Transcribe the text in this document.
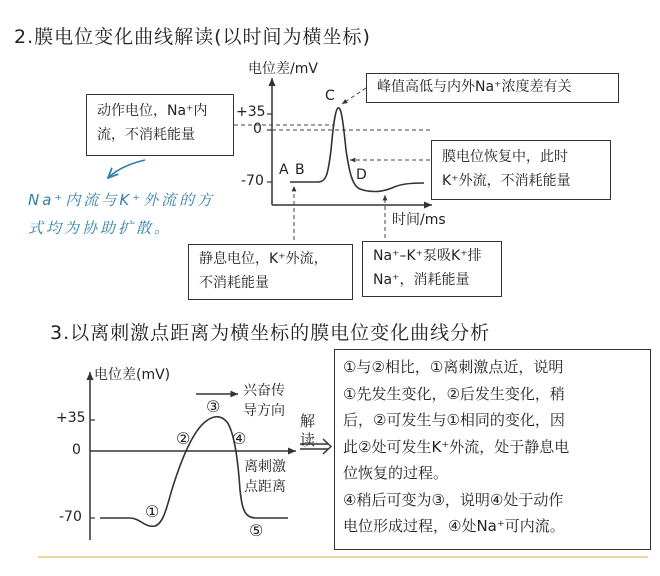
2.膜电位变化曲线解读(以时间为横坐标)
电位差/mV
时间/ms
+35
0
-70
A B
C
D
动作电位，Na⁺内
流，不消耗能量
峰值高低与内外Na⁺浓度差有关
膜电位恢复中，此时
K⁺外流，不消耗能量
静息电位，K⁺外流，
不消耗能量
Na⁺–K⁺泵吸K⁺排
Na⁺，消耗能量
Na⁺内流与K⁺外流的方
式均为协助扩散。
3.以离刺激点距离为横坐标的膜电位变化曲线分析
电位差(mV)
+35
0
-70
兴奋传
导方向
离刺激
点距离
①
②
③
④
⑤
解读
①与②相比，①离刺激点近，说明
①先发生变化，②后发生变化，稍
后，②可发生与①相同的变化，因
此②处可发生K⁺外流，处于静息电
位恢复的过程。
④稍后可变为③，说明④处于动作
电位形成过程，④处Na⁺可内流。
